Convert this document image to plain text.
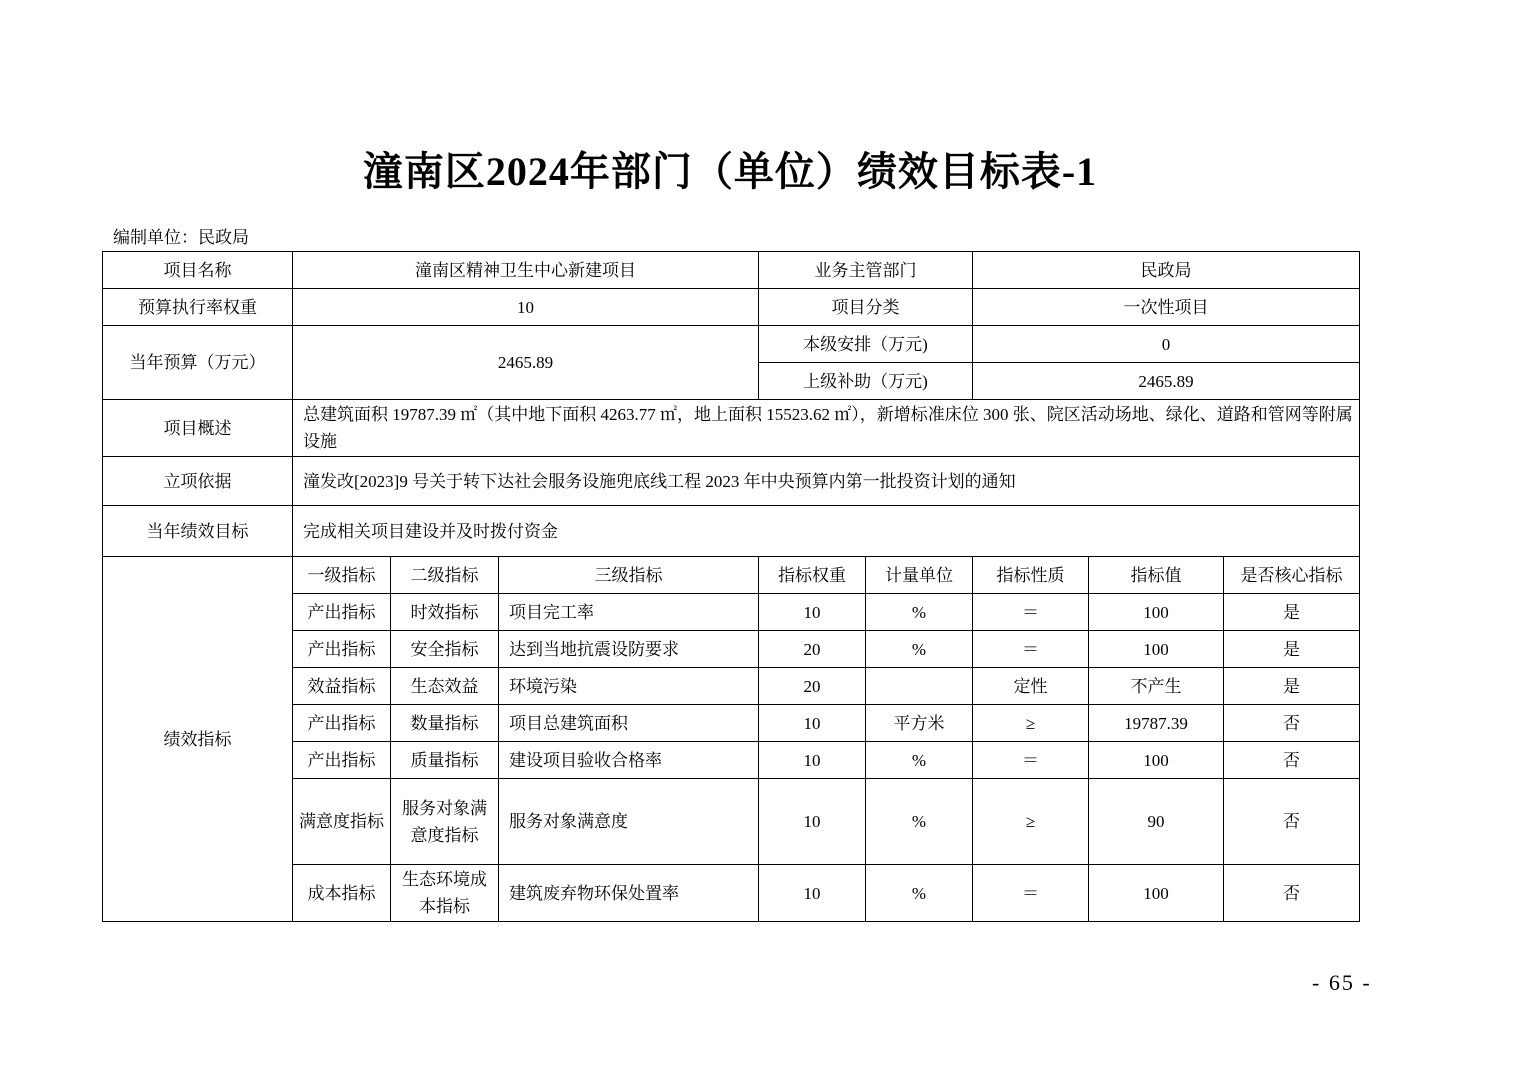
潼南区2024年部门（单位）绩效目标表-1
编制单位：民政局
项目名称	潼南区精神卫生中心新建项目			业务主管部门		民政局		
预算执行率权重	10			项目分类		一次性项目		
当年预算（万元）	2465.89			本级安排（万元)		0		
				上级补助（万元)		2465.89		
项目概述	总建筑面积 19787.39 ㎡（其中地下面积 4263.77 ㎡，地上面积 15523.62 ㎡），新增标准床位 300 张、院区活动场地、绿化、道路和管网等附属设施							
立项依据	潼发改[2023]9 号关于转下达社会服务设施兜底线工程 2023 年中央预算内第一批投资计划的通知							
当年绩效目标	完成相关项目建设并及时拨付资金							
绩效指标	一级指标	二级指标	三级指标	指标权重	计量单位	指标性质	指标值	是否核心指标
	产出指标	时效指标	项目完工率	10	%	＝	100	是
	产出指标	安全指标	达到当地抗震设防要求	20	%	＝	100	是
	效益指标	生态效益	环境污染	20		定性	不产生	是
	产出指标	数量指标	项目总建筑面积	10	平方米	≥	19787.39	否
	产出指标	质量指标	建设项目验收合格率	10	%	＝	100	否
	满意度指标	服务对象满意度指标	服务对象满意度	10	%	≥	90	否
	成本指标	生态环境成本指标	建筑废弃物环保处置率	10	%	＝	100	否
- 65 -
